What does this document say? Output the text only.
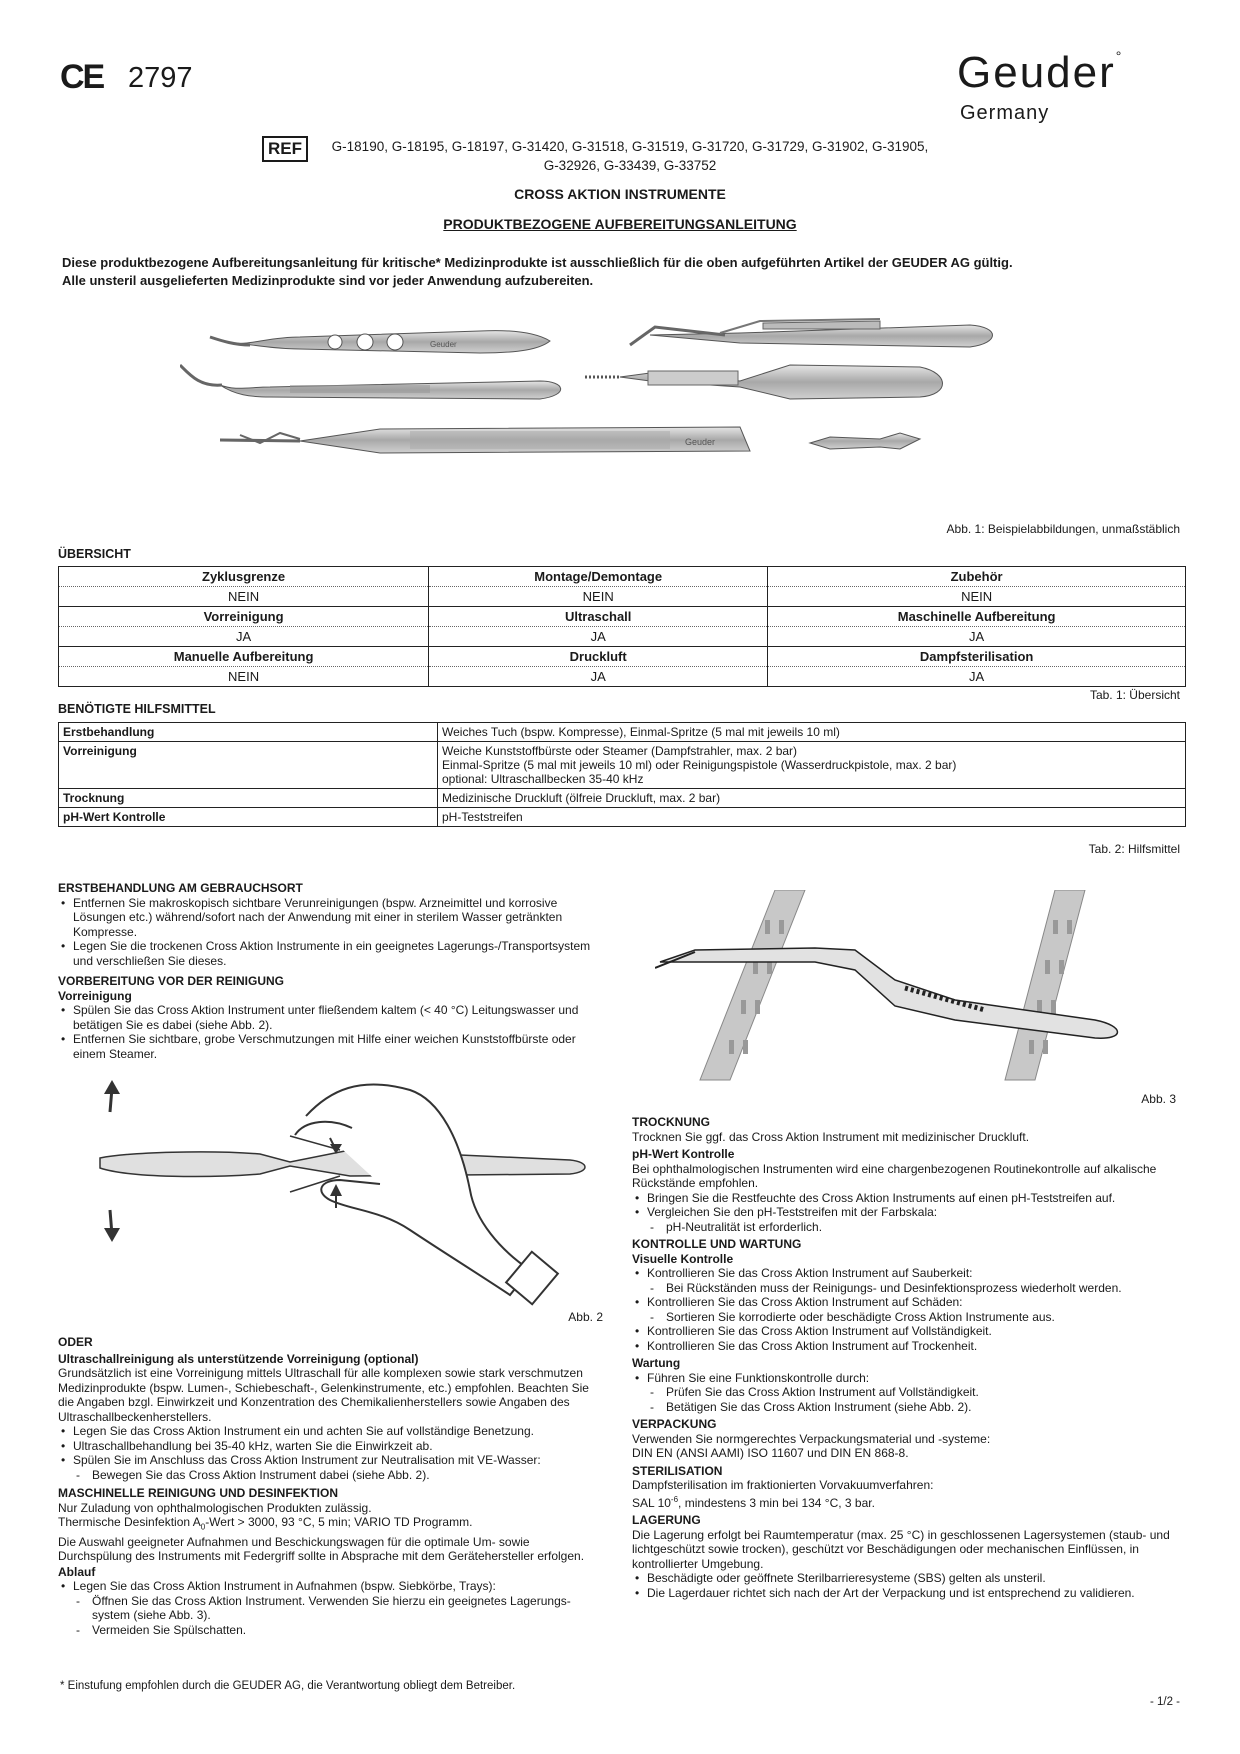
CE 2797	Geuder°
Germany
REF	G-18190, G-18195, G-18197, G-31420, G-31518, G-31519, G-31720, G-31729, G-31902, G-31905,
G-32926, G-33439, G-33752
CROSS AKTION INSTRUMENTE
PRODUKTBEZOGENE AUFBEREITUNGSANLEITUNG
Diese produktbezogene Aufbereitungsanleitung für kritische* Medizinprodukte ist ausschließlich für die oben aufgeführten Artikel der GEUDER AG gültig.
Alle unsteril ausgelieferten Medizinprodukte sind vor jeder Anwendung aufzubereiten.
Geuder
Geuder
Abb. 1: Beispielabbildungen, unmaßstäblich
ÜBERSICHT
Zyklusgrenze	Montage/Demontage	Zubehör
NEIN	NEIN	NEIN
Vorreinigung	Ultraschall	Maschinelle Aufbereitung
JA	JA	JA
Manuelle Aufbereitung	Druckluft	Dampfsterilisation
NEIN	JA	JA
Tab. 1: Übersicht
BENÖTIGTE HILFSMITTEL
Erstbehandlung	Weiches Tuch (bspw. Kompresse), Einmal-Spritze (5 mal mit jeweils 10 ml)

Vorreinigung	Weiche Kunststoffbürste oder Steamer (Dampfstrahler, max. 2 bar)
Einmal-Spritze (5 mal mit jeweils 10 ml) oder Reinigungspistole (Wasserdruckpistole, max. 2 bar)
optional: Ultraschallbecken 35-40 kHz

Trocknung	Medizinische Druckluft (ölfreie Druckluft, max. 2 bar)

pH-Wert Kontrolle	pH-Teststreifen
Tab. 2: Hilfsmittel
ERSTBEHANDLUNG AM GEBRAUCHSORT
• Entfernen Sie makroskopisch sichtbare Verunreinigungen (bspw. Arzneimittel und korrosive Lösungen etc.) während/sofort nach der Anwendung mit einer in sterilem Wasser getränkten Kompresse.
• Legen Sie die trockenen Cross Aktion Instrumente in ein geeignetes Lagerungs-/Transportsystem und verschließen Sie dieses.
VORBEREITUNG VOR DER REINIGUNG
Vorreinigung
• Spülen Sie das Cross Aktion Instrument unter fließendem kaltem (< 40 °C) Leitungswasser und betätigen Sie es dabei (siehe Abb. 2).
• Entfernen Sie sichtbare, grobe Verschmutzungen mit Hilfe einer weichen Kunststoffbürste oder einem Steamer.
Abb. 2
ODER
Ultraschallreinigung als unterstützende Vorreinigung (optional)

Grundsätzlich ist eine Vorreinigung mittels Ultraschall für alle komplexen sowie stark verschmutzen Medizinprodukte (bspw. Lumen-, Schiebeschaft-, Gelenkinstrumente, etc.) empfohlen. Beachten Sie die Angaben bzgl. Einwirkzeit und Konzentration des Chemikalienherstellers sowie Angaben des Ultraschallbeckenherstellers.

• Legen Sie das Cross Aktion Instrument ein und achten Sie auf vollständige Benetzung.
• Ultraschallbehandlung bei 35-40 kHz, warten Sie die Einwirkzeit ab.
• Spülen Sie im Anschluss das Cross Aktion Instrument zur Neutralisation mit VE-Wasser:
- Bewegen Sie das Cross Aktion Instrument dabei (siehe Abb. 2).
MASCHINELLE REINIGUNG UND DESINFEKTION

Nur Zuladung von ophthalmologischen Produkten zulässig.

Thermische Desinfektion $A_0$-Wert > 3000, 93 °C, 5 min; VARIO TD Programm.

Die Auswahl geeigneter Aufnahmen und Beschickungswagen für die optimale Um- sowie Durchspülung des Instruments mit Federgriff sollte in Absprache mit dem Gerätehersteller erfolgen.

Ablauf
• Legen Sie das Cross Aktion Instrument in Aufnahmen (bspw. Siebkörbe, Trays):
- Öffnen Sie das Cross Aktion Instrument. Verwenden Sie hierzu ein geeignetes Lagerungs-system (siehe Abb. 3).
- Vermeiden Sie Spülschatten.
Abb. 3
TROCKNUNG

Trocknen Sie ggf. das Cross Aktion Instrument mit medizinischer Druckluft.

pH-Wert Kontrolle

Bei ophthalmologischen Instrumenten wird eine chargenbezogenen Routinekontrolle auf alkalische Rückstände empfohlen.

• Bringen Sie die Restfeuchte des Cross Aktion Instruments auf einen pH-Teststreifen auf.
• Vergleichen Sie den pH-Teststreifen mit der Farbskala:
- pH-Neutralität ist erforderlich.
KONTROLLE UND WARTUNG
Visuelle Kontrolle
• Kontrollieren Sie das Cross Aktion Instrument auf Sauberkeit:
- Bei Rückständen muss der Reinigungs- und Desinfektionsprozess wiederholt werden.
• Kontrollieren Sie das Cross Aktion Instrument auf Schäden:
- Sortieren Sie korrodierte oder beschädigte Cross Aktion Instrumente aus.
• Kontrollieren Sie das Cross Aktion Instrument auf Vollständigkeit.
• Kontrollieren Sie das Cross Aktion Instrument auf Trockenheit.
Wartung
• Führen Sie eine Funktionskontrolle durch:
- Prüfen Sie das Cross Aktion Instrument auf Vollständigkeit.
- Betätigen Sie das Cross Aktion Instrument (siehe Abb. 2).
VERPACKUNG

Verwenden Sie normgerechtes Verpackungsmaterial und -systeme:

DIN EN (ANSI AAMI) ISO 11607 und DIN EN 868-8.

STERILISATION

Dampfsterilisation im fraktionierten Vorvakuumverfahren:

SAL $10^{-6}$, mindestens 3 min bei 134 °C, 3 bar.

LAGERUNG

Die Lagerung erfolgt bei Raumtemperatur (max. 25 °C) in geschlossenen Lagersystemen (staub- und lichtgeschützt sowie trocken), geschützt vor Beschädigungen oder mechanischen Einflüssen, in kontrollierter Umgebung.

• Beschädigte oder geöffnete Sterilbarrieresysteme (SBS) gelten als unsteril.
• Die Lagerdauer richtet sich nach der Art der Verpackung und ist entsprechend zu validieren.
* Einstufung empfohlen durch die GEUDER AG, die Verantwortung obliegt dem Betreiber.
- 1/2 -
